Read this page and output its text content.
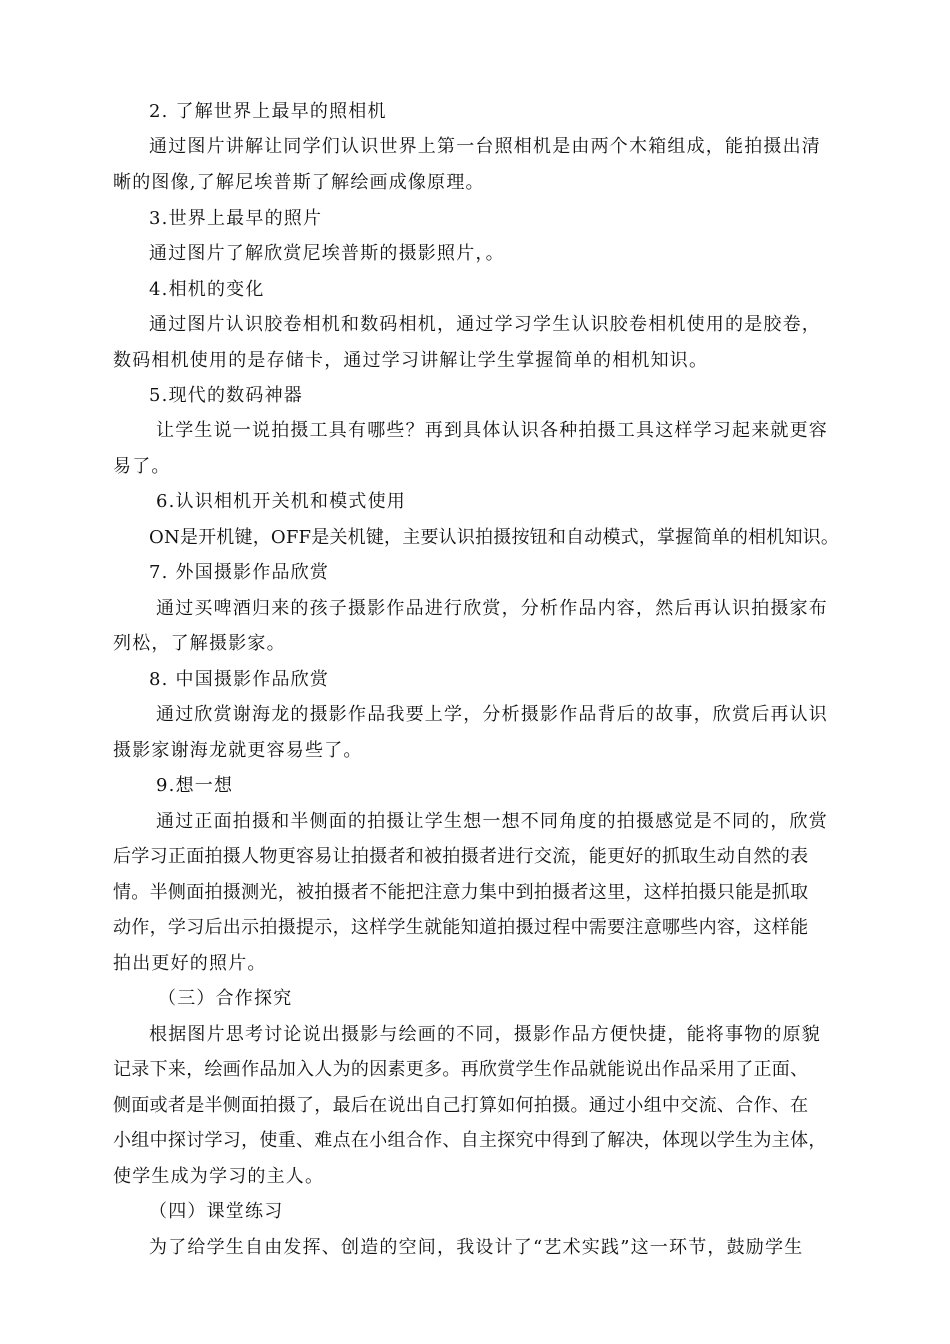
2. 了解世界上最早的照相机
通过图片讲解让同学们认识世界上第一台照相机是由两个木箱组成，能拍摄出清
晰的图像,了解尼埃普斯了解绘画成像原理。
3.世界上最早的照片
通过图片了解欣赏尼埃普斯的摄影照片，。
4.相机的变化
通过图片认识胶卷相机和数码相机，通过学习学生认识胶卷相机使用的是胶卷，
数码相机使用的是存储卡，通过学习讲解让学生掌握简单的相机知识。
5.现代的数码神器
让学生说一说拍摄工具有哪些？再到具体认识各种拍摄工具这样学习起来就更容
易了。
6.认识相机开关机和模式使用
ON是开机键，OFF是关机键，主要认识拍摄按钮和自动模式，掌握简单的相机知识。
7. 外国摄影作品欣赏
通过买啤酒归来的孩子摄影作品进行欣赏，分析作品内容，然后再认识拍摄家布
列松，了解摄影家。
8. 中国摄影作品欣赏
通过欣赏谢海龙的摄影作品我要上学，分析摄影作品背后的故事，欣赏后再认识
摄影家谢海龙就更容易些了。
9.想一想
通过正面拍摄和半侧面的拍摄让学生想一想不同角度的拍摄感觉是不同的，欣赏
后学习正面拍摄人物更容易让拍摄者和被拍摄者进行交流，能更好的抓取生动自然的表
情。半侧面拍摄测光，被拍摄者不能把注意力集中到拍摄者这里，这样拍摄只能是抓取
动作，学习后出示拍摄提示，这样学生就能知道拍摄过程中需要注意哪些内容，这样能
拍出更好的照片。
（三）合作探究
根据图片思考讨论说出摄影与绘画的不同，摄影作品方便快捷，能将事物的原貌
记录下来，绘画作品加入人为的因素更多。再欣赏学生作品就能说出作品采用了正面、
侧面或者是半侧面拍摄了，最后在说出自己打算如何拍摄。通过小组中交流、合作、在
小组中探讨学习，使重、难点在小组合作、自主探究中得到了解决，体现以学生为主体，
使学生成为学习的主人。
（四）课堂练习
为了给学生自由发挥、创造的空间，我设计了“艺术实践”这一环节，鼓励学生
